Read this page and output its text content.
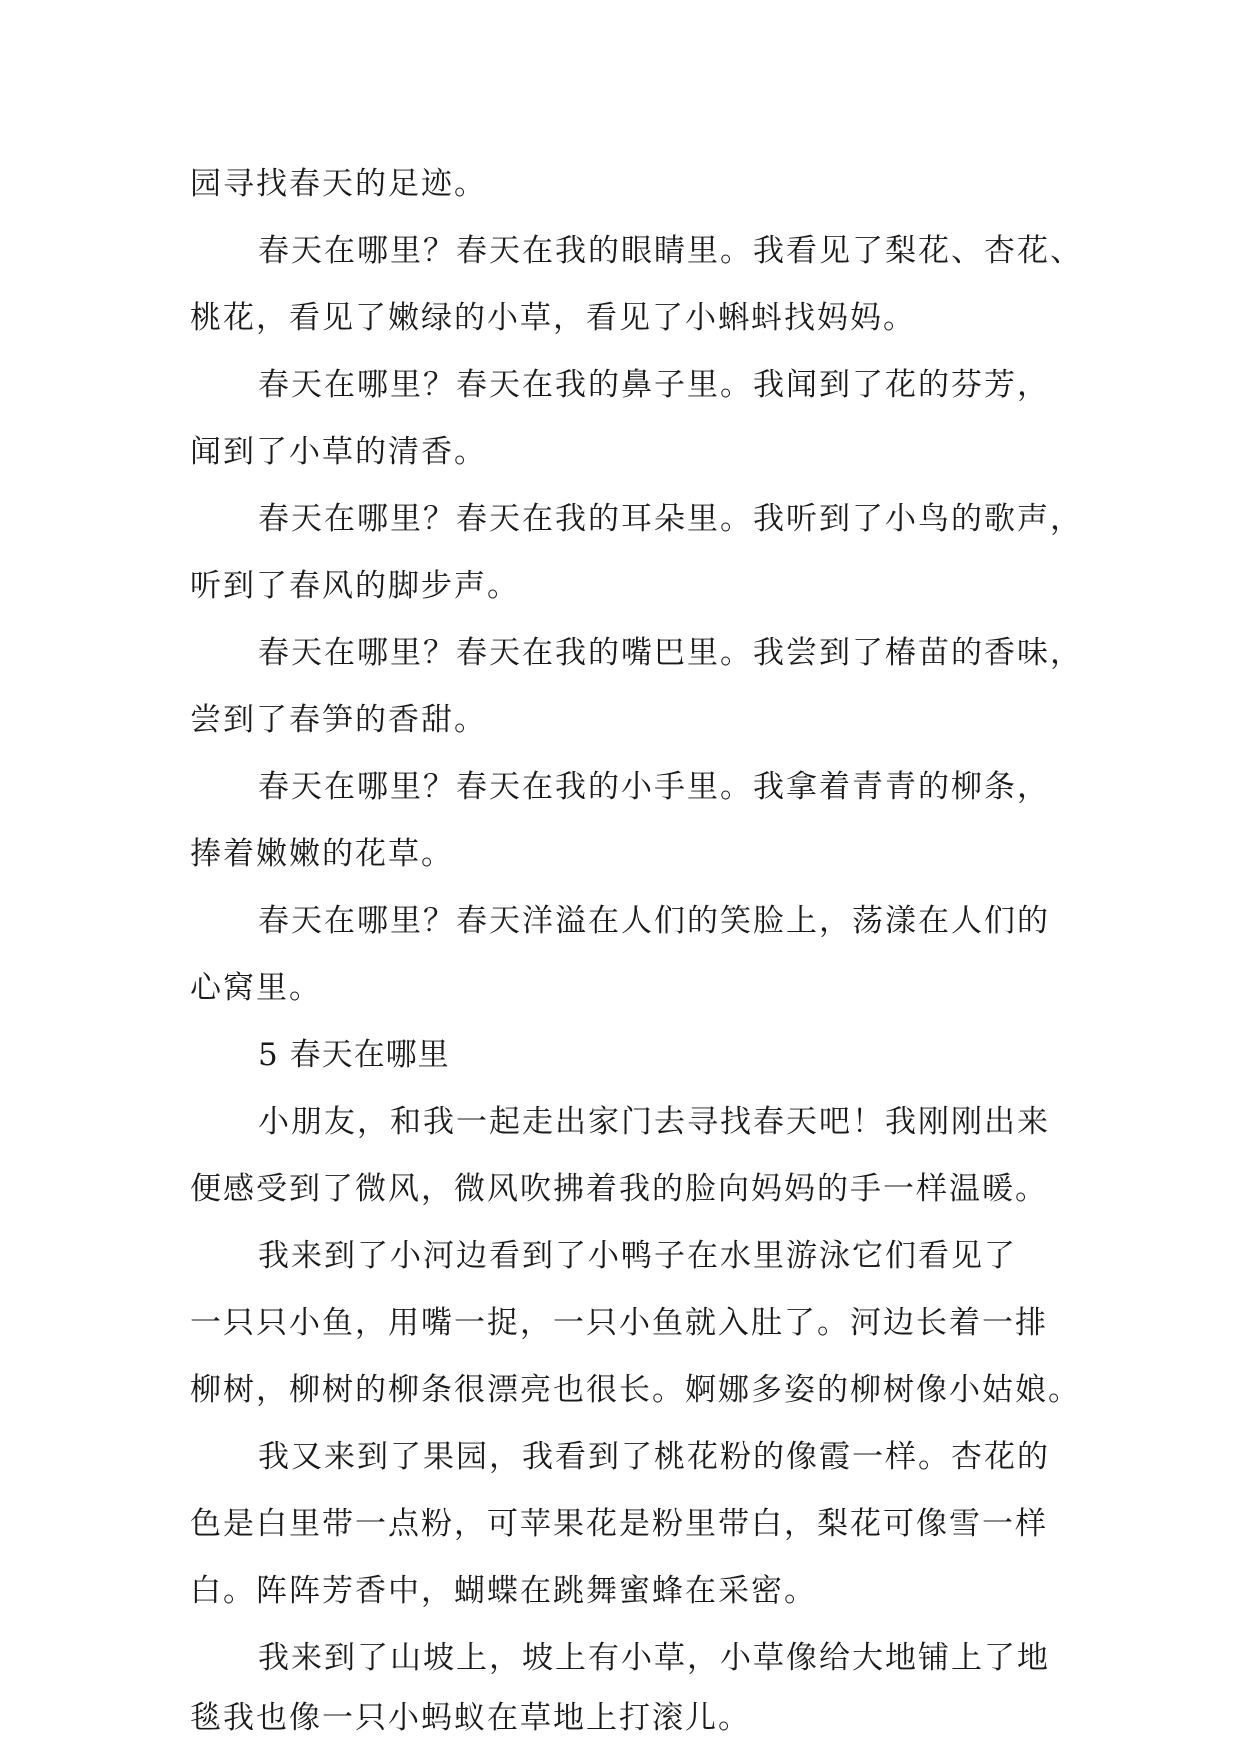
园寻找春天的足迹。
春天在哪里？春天在我的眼睛里。我看见了梨花、杏花、
桃花，看见了嫩绿的小草，看见了小蝌蚪找妈妈。
春天在哪里？春天在我的鼻子里。我闻到了花的芬芳，
闻到了小草的清香。
春天在哪里？春天在我的耳朵里。我听到了小鸟的歌声，
听到了春风的脚步声。
春天在哪里？春天在我的嘴巴里。我尝到了椿苗的香味，
尝到了春笋的香甜。
春天在哪里？春天在我的小手里。我拿着青青的柳条，
捧着嫩嫩的花草。
春天在哪里？春天洋溢在人们的笑脸上，荡漾在人们的
心窝里。
5 春天在哪里
小朋友，和我一起走出家门去寻找春天吧！我刚刚出来
便感受到了微风，微风吹拂着我的脸向妈妈的手一样温暖。
我来到了小河边看到了小鸭子在水里游泳它们看见了
一只只小鱼，用嘴一捉，一只小鱼就入肚了。河边长着一排
柳树，柳树的柳条很漂亮也很长。婀娜多姿的柳树像小姑娘。
我又来到了果园，我看到了桃花粉的像霞一样。杏花的
色是白里带一点粉，可苹果花是粉里带白，梨花可像雪一样
白。阵阵芳香中，蝴蝶在跳舞蜜蜂在采密。
我来到了山坡上，坡上有小草，小草像给大地铺上了地
毯我也像一只小蚂蚁在草地上打滚儿。
